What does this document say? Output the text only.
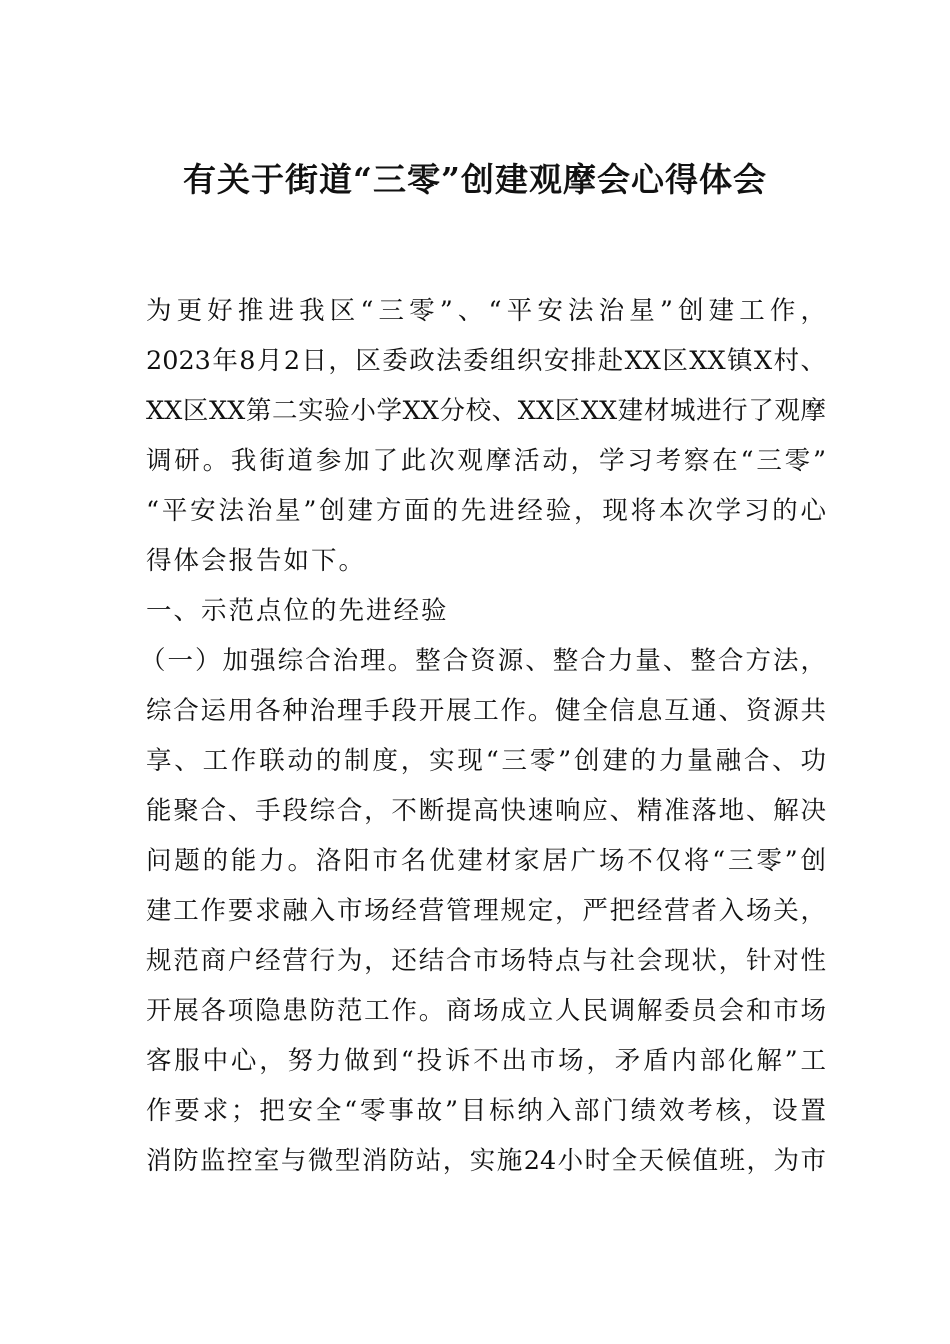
有关于街道“三零”创建观摩会心得体会
为更好推进我区“三零”、“平安法治星”创建工作，
2023年8月2日，区委政法委组织安排赴XX区XX镇X村、
XX区XX第二实验小学XX分校、XX区XX建材城进行了观摩
调研。我街道参加了此次观摩活动，学习考察在“三零”
“平安法治星”创建方面的先进经验，现将本次学习的心
得体会报告如下。
一、示范点位的先进经验
（一）加强综合治理。整合资源、整合力量、整合方法，
综合运用各种治理手段开展工作。健全信息互通、资源共
享、工作联动的制度，实现“三零”创建的力量融合、功
能聚合、手段综合，不断提高快速响应、精准落地、解决
问题的能力。洛阳市名优建材家居广场不仅将“三零”创
建工作要求融入市场经营管理规定，严把经营者入场关，
规范商户经营行为，还结合市场特点与社会现状，针对性
开展各项隐患防范工作。商场成立人民调解委员会和市场
客服中心，努力做到“投诉不出市场，矛盾内部化解”工
作要求；把安全“零事故”目标纳入部门绩效考核，设置
消防监控室与微型消防站，实施24小时全天候值班，为市
